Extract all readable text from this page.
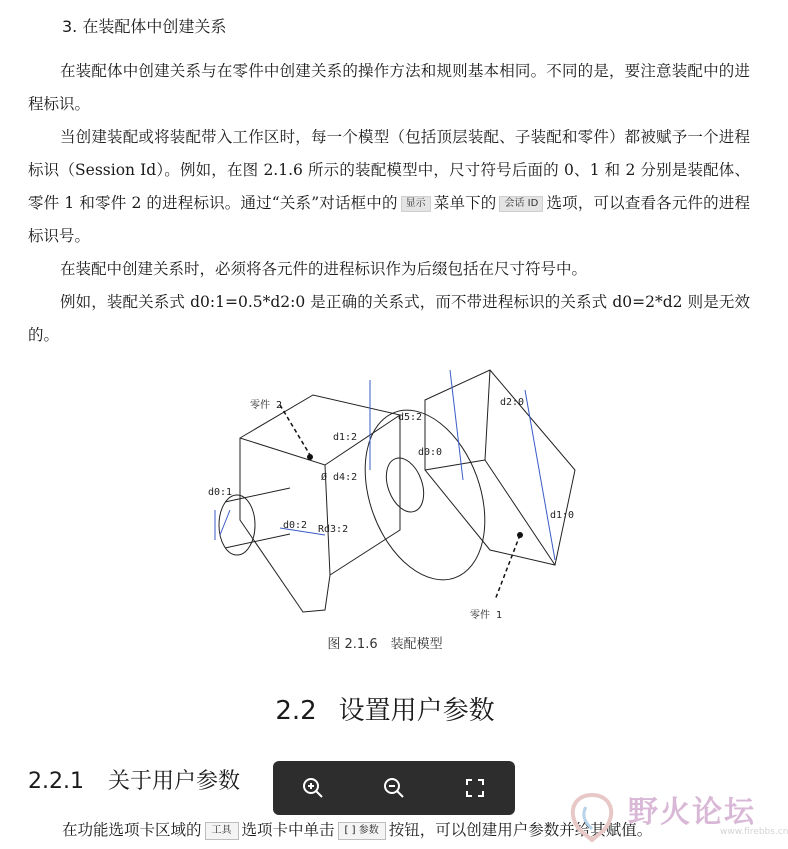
3. 在装配体中创建关系
在装配体中创建关系与在零件中创建关系的操作方法和规则基本相同。不同的是，要注意装配中的进程标识。
当创建装配或将装配带入工作区时，每一个模型（包括顶层装配、子装配和零件）都被赋予一个进程标识（Session Id）。例如，在图 2.1.6 所示的装配模型中，尺寸符号后面的 0、1 和 2 分别是装配体、零件 1 和零件 2 的进程标识。通过“关系”对话框中的 显示 菜单下的 会话 ID 选项，可以查看各元件的进程标识号。
在装配中创建关系时，必须将各元件的进程标识作为后缀包括在尺寸符号中。
例如，装配关系式 d0:1=0.5*d2:0 是正确的关系式，而不带进程标识的关系式 d0=2*d2 则是无效的。
零件 2
零件 1
d0:1
d0:2
d1:2
Ø d4:2
Rd3:2
d5:2
d0:0
d2:0
d1:0
图 2.1.6　装配模型
2.2 设置用户参数
2.2.1 关于用户参数
在功能选项卡区域的 工具 选项卡中单击 [ ] 参数 按钮，可以创建用户参数并给其赋值。
野火论坛
www.firebbs.cn
